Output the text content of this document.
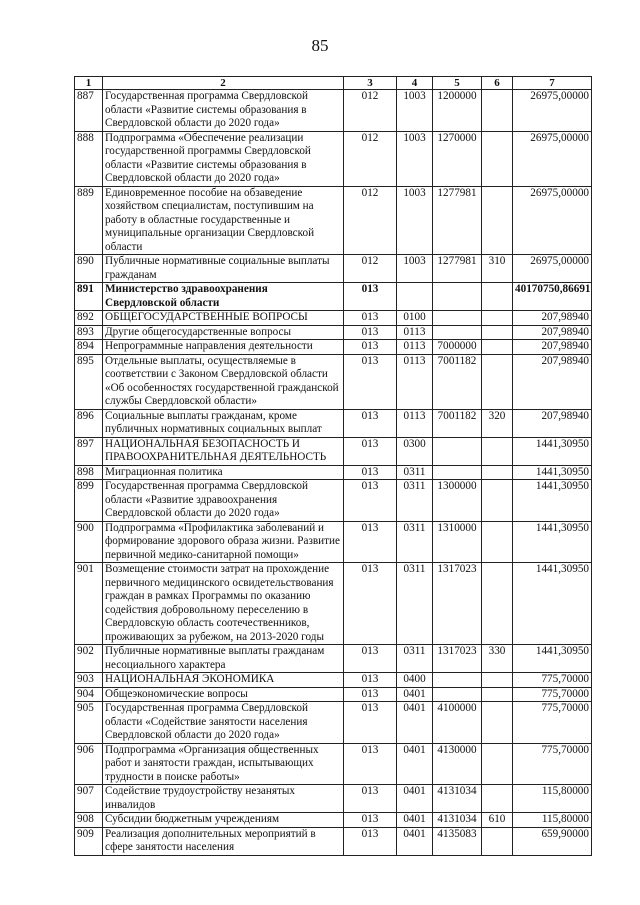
85
1	2	3	4	5	6	7
887	Государственная программа Свердловской области «Развитие системы образования в Свердловской области до 2020 года»	012	1003	1200000		26975,00000
888	Подпрограмма «Обеспечение реализации государственной программы Свердловской области «Развитие системы образования в Свердловской области до 2020 года»	012	1003	1270000		26975,00000
889	Единовременное пособие на обзаведение хозяйством специалистам, поступившим на работу в областные государственные и муниципальные организации Свердловской области	012	1003	1277981		26975,00000
890	Публичные нормативные социальные выплаты гражданам	012	1003	1277981	310	26975,00000
891	Министерство здравоохранения Свердловской области	013				40170750,86691
892	ОБЩЕГОСУДАРСТВЕННЫЕ ВОПРОСЫ	013	0100			207,98940
893	Другие общегосударственные вопросы	013	0113			207,98940
894	Непрограммные направления деятельности	013	0113	7000000		207,98940
895	Отдельные выплаты, осуществляемые в соответствии с Законом Свердловской области «Об особенностях государственной гражданской службы Свердловской области»	013	0113	7001182		207,98940
896	Социальные выплаты гражданам, кроме публичных нормативных социальных выплат	013	0113	7001182	320	207,98940
897	НАЦИОНАЛЬНАЯ БЕЗОПАСНОСТЬ И ПРАВООХРАНИТЕЛЬНАЯ ДЕЯТЕЛЬНОСТЬ	013	0300			1441,30950
898	Миграционная политика	013	0311			1441,30950
899	Государственная программа Свердловской области «Развитие здравоохранения Свердловской области до 2020 года»	013	0311	1300000		1441,30950
900	Подпрограмма «Профилактика заболеваний и формирование здорового образа жизни. Развитие первичной медико-санитарной помощи»	013	0311	1310000		1441,30950
901	Возмещение стоимости затрат на прохождение первичного медицинского освидетельствования граждан в рамках Программы по оказанию содействия добровольному переселению в Свердловскую область соотечественников, проживающих за рубежом, на 2013-2020 годы	013	0311	1317023		1441,30950
902	Публичные нормативные выплаты гражданам несоциального характера	013	0311	1317023	330	1441,30950
903	НАЦИОНАЛЬНАЯ ЭКОНОМИКА	013	0400			775,70000
904	Общеэкономические вопросы	013	0401			775,70000
905	Государственная программа Свердловской области «Содействие занятости населения Свердловской области до 2020 года»	013	0401	4100000		775,70000
906	Подпрограмма «Организация общественных работ и занятости граждан, испытывающих трудности в поиске работы»	013	0401	4130000		775,70000
907	Содействие трудоустройству незанятых инвалидов	013	0401	4131034		115,80000
908	Субсидии бюджетным учреждениям	013	0401	4131034	610	115,80000
909	Реализация дополнительных мероприятий в сфере занятости населения	013	0401	4135083		659,90000
